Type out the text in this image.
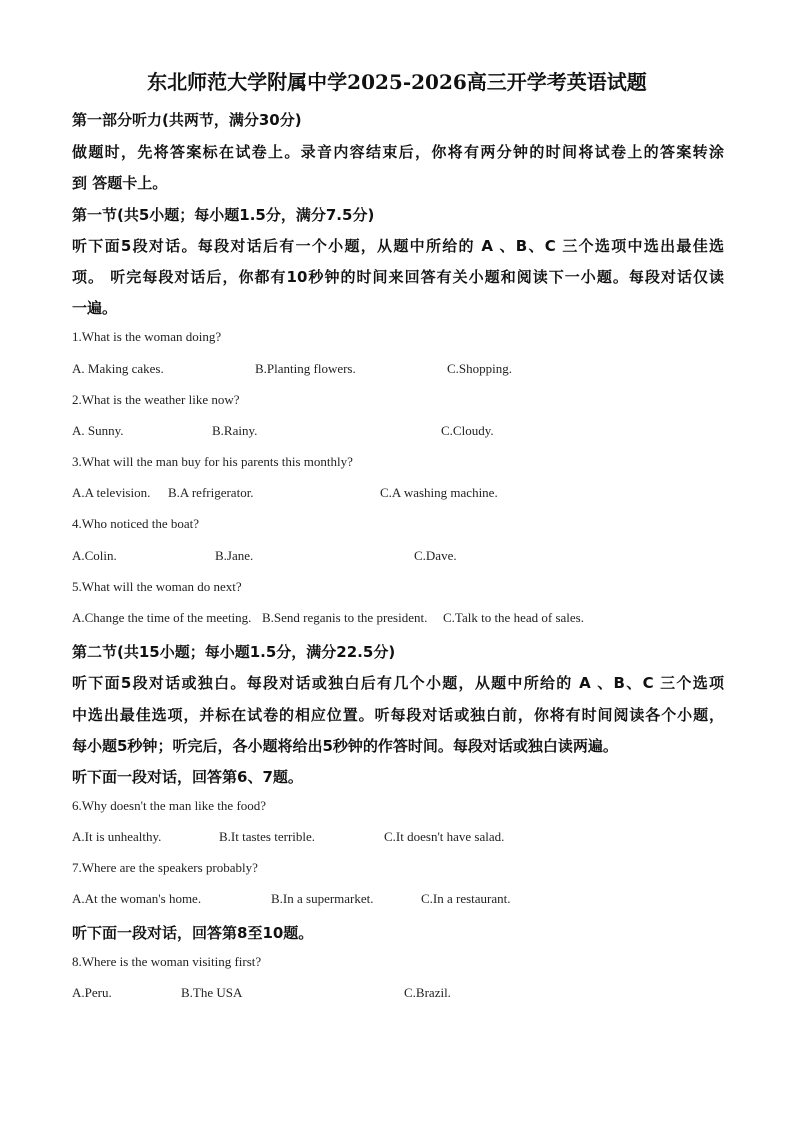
东北师范大学附属中学2025-2026高三开学考英语试题
第一部分听力(共两节，满分30分)
做题时，先将答案标在试卷上。录音内容结束后，你将有两分钟的时间将试卷上的答案转涂
到 答题卡上。
第一节(共5小题；每小题1.5分，满分7.5分)
听下面5段对话。每段对话后有一个小题，从题中所给的 A 、B、C 三个选项中选出最佳选
项。 听完每段对话后，你都有10秒钟的时间来回答有关小题和阅读下一小题。每段对话仅读
一遍。
1.What is the woman doing?
A. Making cakes.	B.Planting flowers.	C.Shopping.
2.What is the weather like now?
A. Sunny.	B.Rainy.	C.Cloudy.
3.What will the man buy for his parents this monthly?
A.A television. B.A refrigerator.	C.A washing machine.
4.Who noticed the boat?
A.Colin.	B.Jane.	C.Dave.
5.What will the woman do next?
A.Change the time of the meeting. B.Send reganis to the president. C.Talk to the head of sales.
第二节(共15小题；每小题1.5分，满分22.5分)
听下面5段对话或独白。每段对话或独白后有几个小题，从题中所给的 A 、B、C 三个选项
中选出最佳选项，并标在试卷的相应位置。听每段对话或独白前，你将有时间阅读各个小题，
每小题5秒钟；听完后，各小题将给出5秒钟的作答时间。每段对话或独白读两遍。
听下面一段对话，回答第6、7题。
6.Why doesn't the man like the food?
A.It is unhealthy.	B.It tastes terrible.	C.It doesn't have salad.
7.Where are the speakers probably?
A.At the woman's home.	B.In a supermarket.	C.In a restaurant.
听下面一段对话，回答第8至10题。
8.Where is the woman visiting first?
A.Peru.	B.The USA	C.Brazil.
